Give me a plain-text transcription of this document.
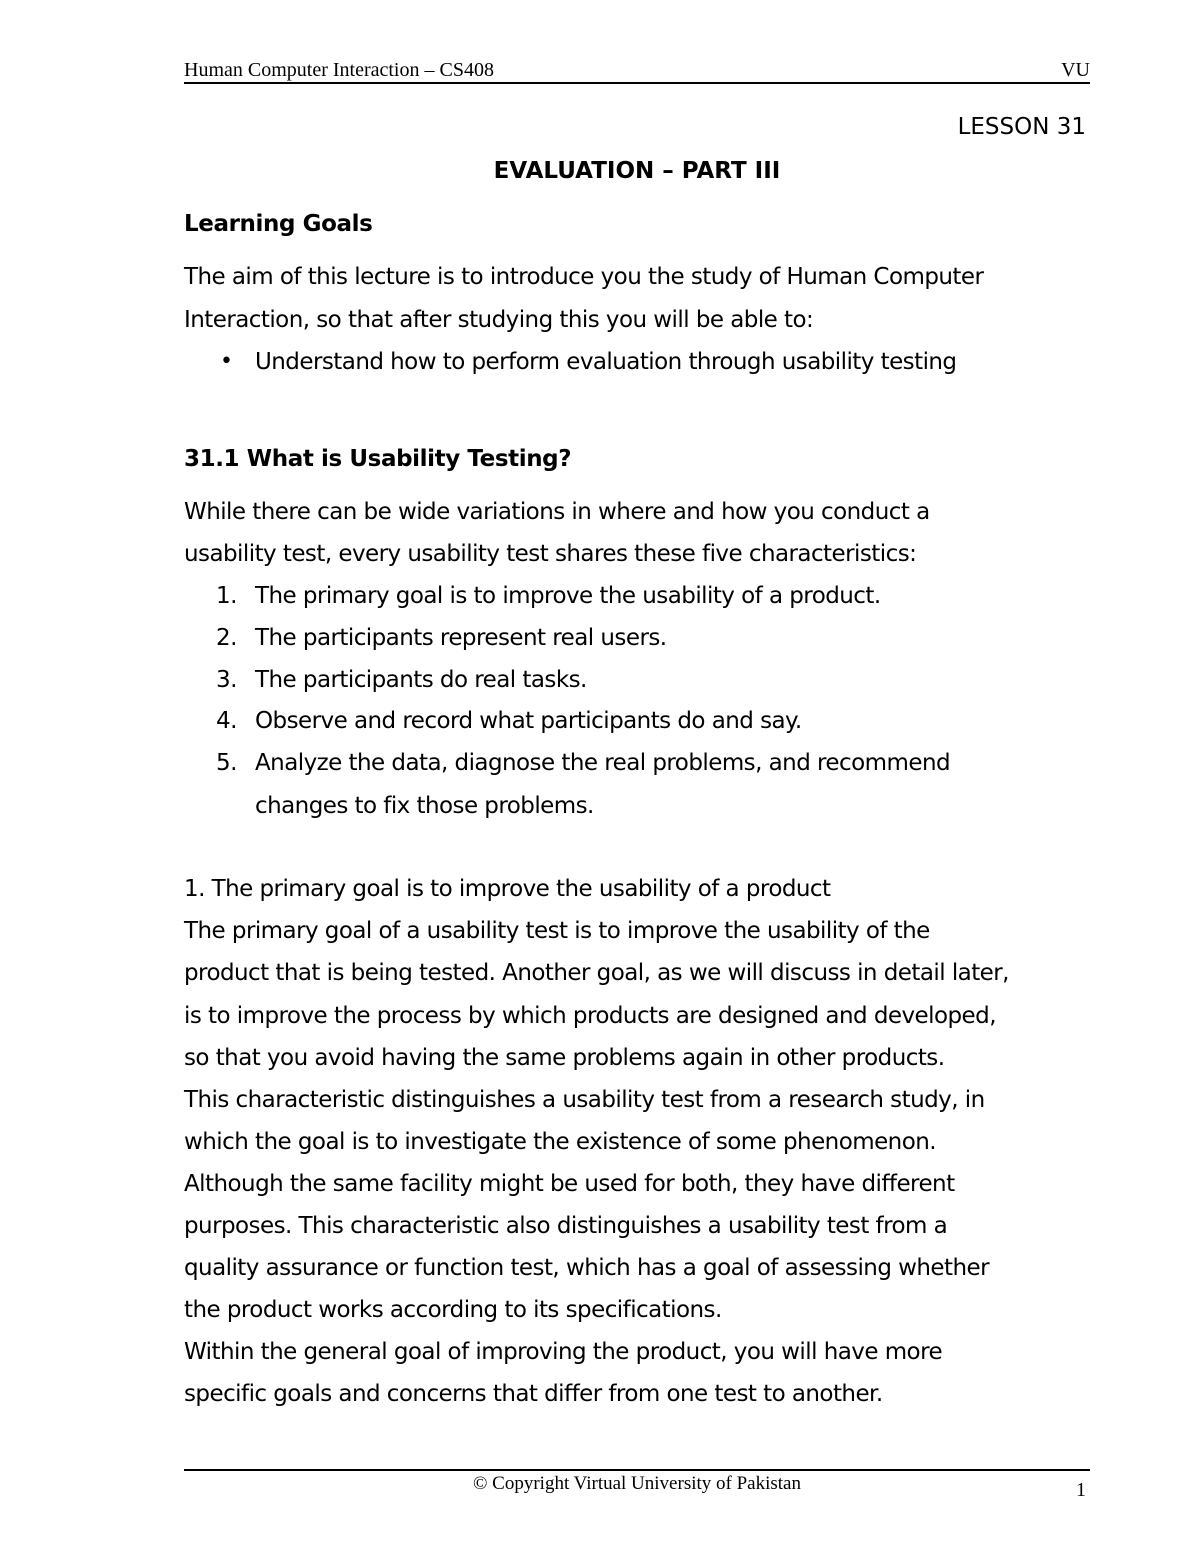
Human Computer Interaction – CS408	VU
LESSON 31
EVALUATION – PART III
Learning Goals
The aim of this lecture is to introduce you the study of Human Computer
Interaction, so that after studying this you will be able to:
• Understand how to perform evaluation through usability testing
31.1 What is Usability Testing?
While there can be wide variations in where and how you conduct a
usability test, every usability test shares these five characteristics:
1. The primary goal is to improve the usability of a product.
2. The participants represent real users.
3. The participants do real tasks.
4. Observe and record what participants do and say.
5. Analyze the data, diagnose the real problems, and recommend
changes to fix those problems.
1. The primary goal is to improve the usability of a product
The primary goal of a usability test is to improve the usability of the
product that is being tested. Another goal, as we will discuss in detail later,
is to improve the process by which products are designed and developed,
so that you avoid having the same problems again in other products.
This characteristic distinguishes a usability test from a research study, in
which the goal is to investigate the existence of some phenomenon.
Although the same facility might be used for both, they have different
purposes. This characteristic also distinguishes a usability test from a
quality assurance or function test, which has a goal of assessing whether
the product works according to its specifications.
Within the general goal of improving the product, you will have more
specific goals and concerns that differ from one test to another.
© Copyright Virtual University of Pakistan	1
